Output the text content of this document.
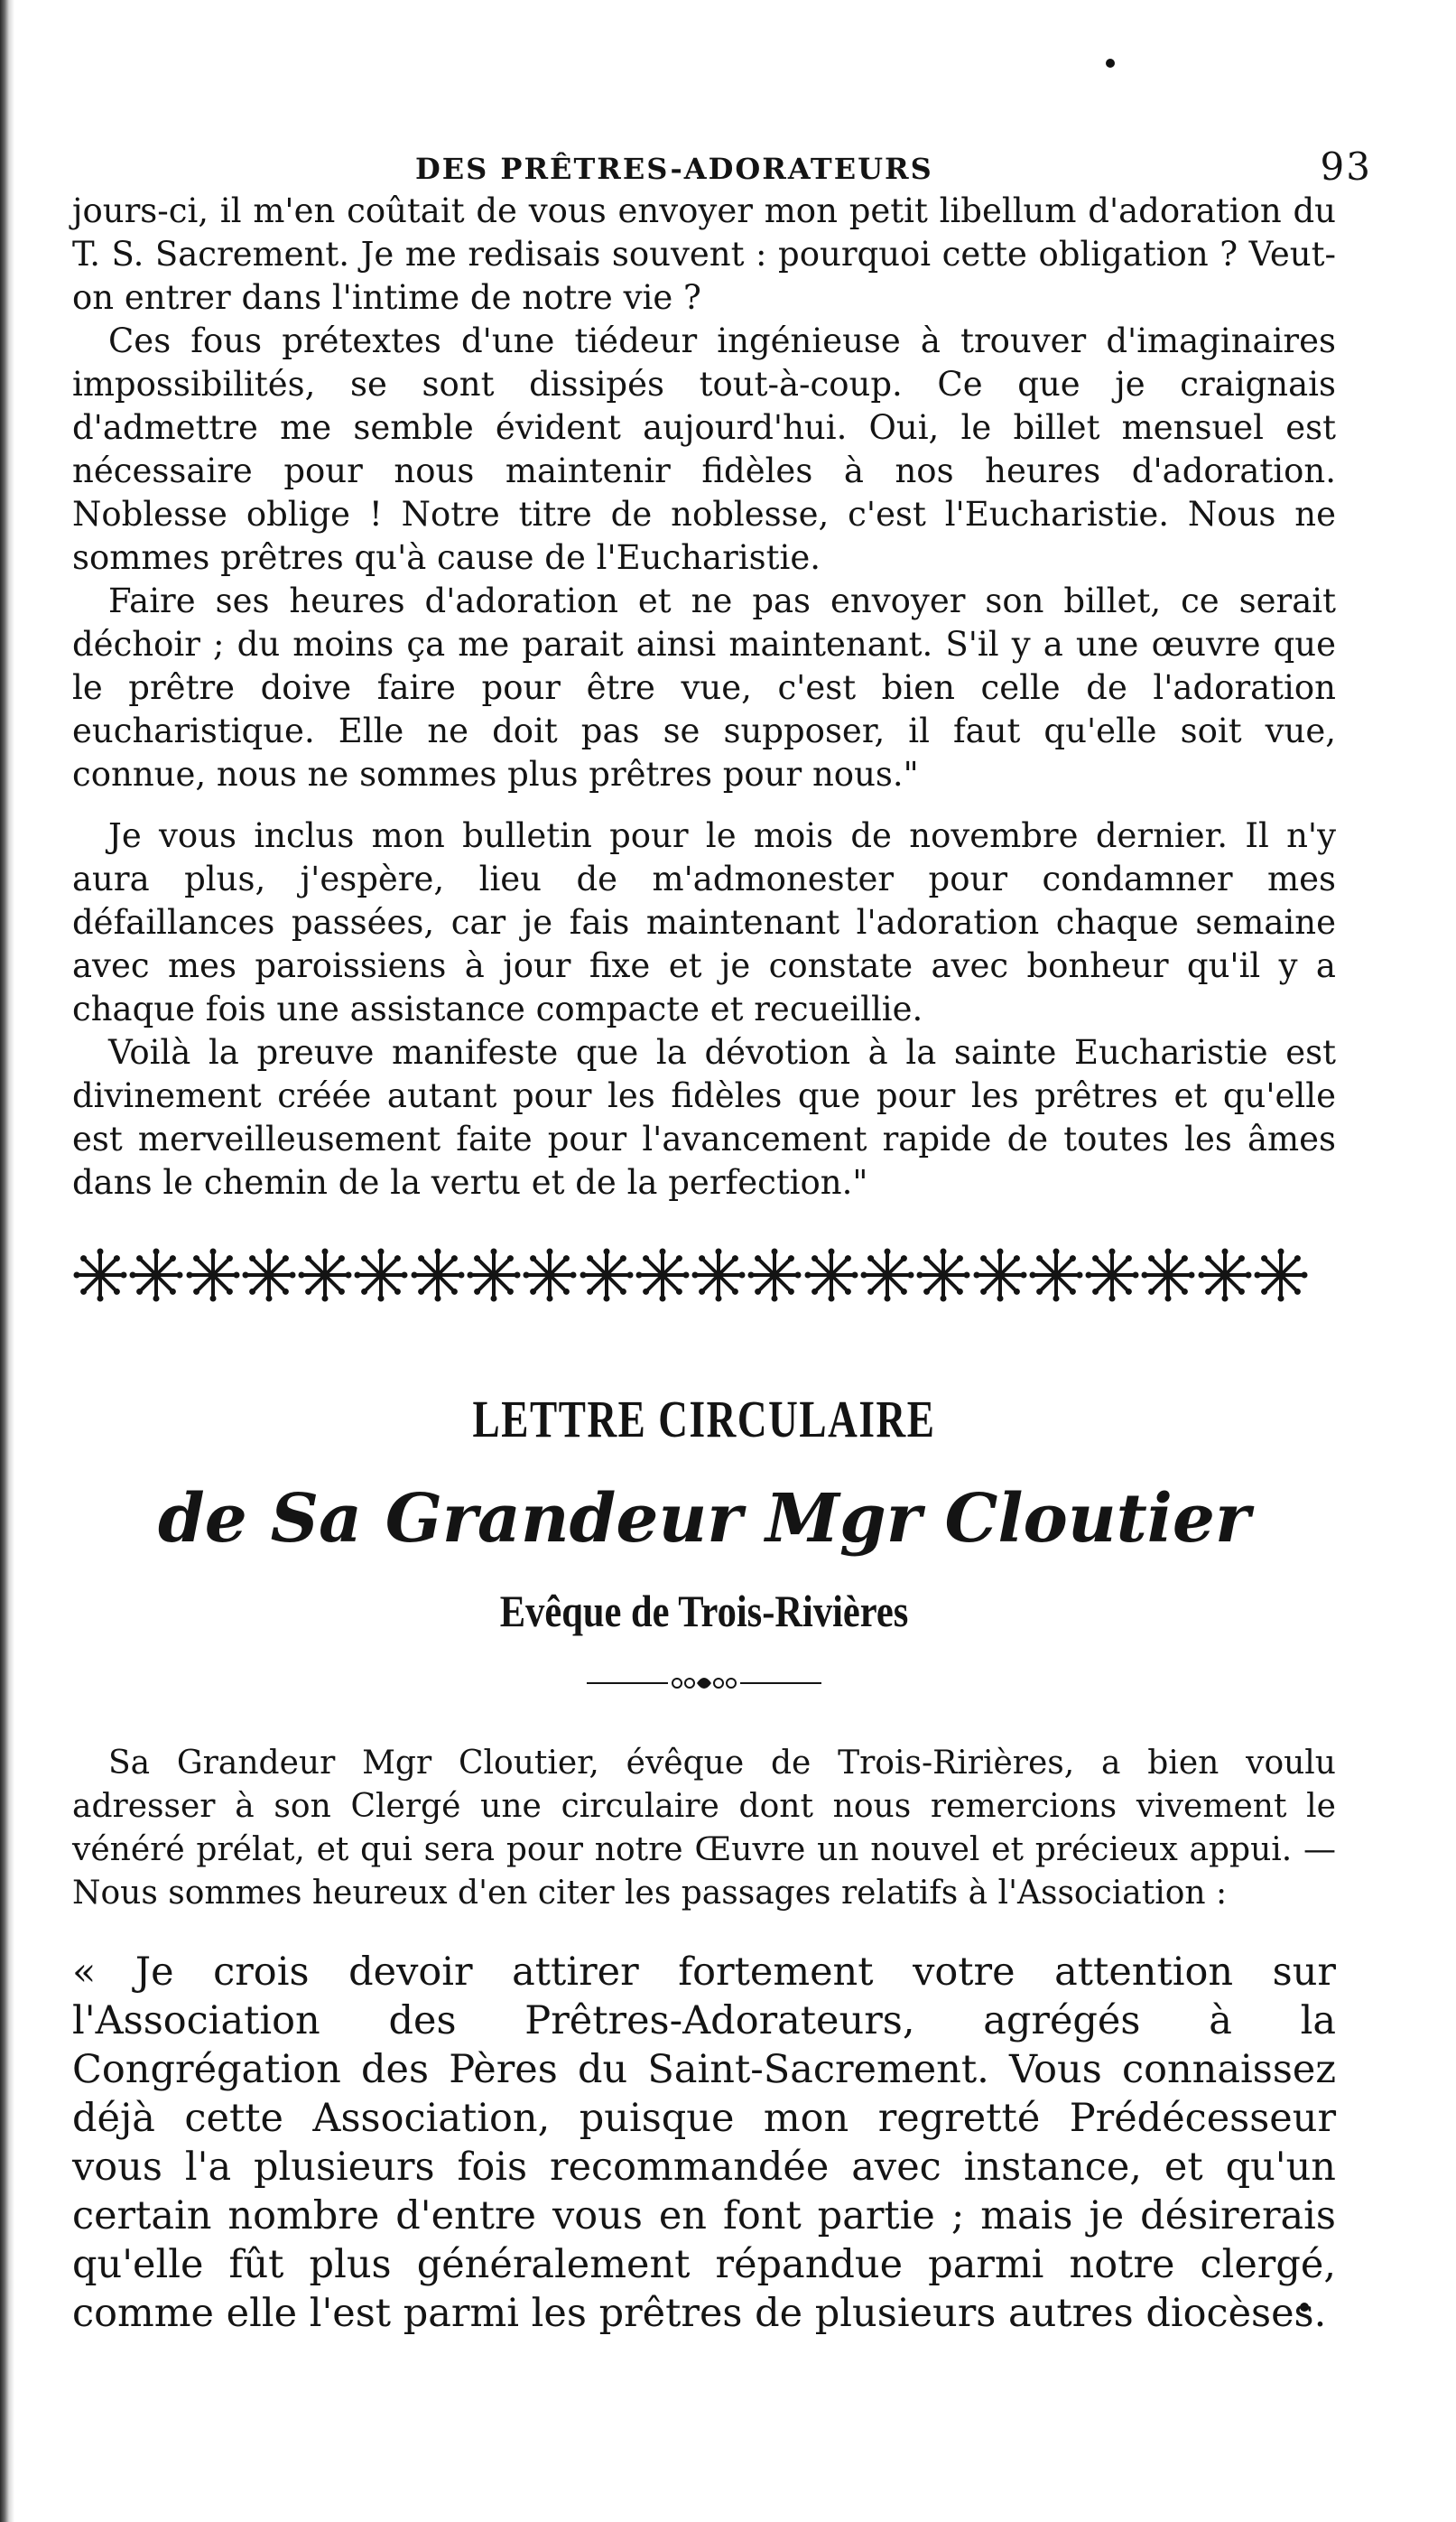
DES PRÊTRES-ADORATEURS	93

jours-ci, il m'en coûtait de vous envoyer mon petit libellum d'adoration du T. S. Sacrement. Je me redisais souvent : pourquoi cette obligation ? Veut-on entrer dans l'intime de notre vie ?

Ces fous prétextes d'une tiédeur ingénieuse à trouver d'imaginaires impossibilités, se sont dissipés tout-à-coup. Ce que je craignais d'admettre me semble évident aujourd'hui. Oui, le billet mensuel est nécessaire pour nous maintenir fidèles à nos heures d'adoration. Noblesse oblige ! Notre titre de noblesse, c'est l'Eucharistie. Nous ne sommes prêtres qu'à cause de l'Eucharistie.

Faire ses heures d'adoration et ne pas envoyer son billet, ce serait déchoir ; du moins ça me parait ainsi maintenant. S'il y a une œuvre que le prêtre doive faire pour être vue, c'est bien celle de l'adoration eucharistique. Elle ne doit pas se supposer, il faut qu'elle soit vue, connue, nous ne sommes plus prêtres pour nous."

Je vous inclus mon bulletin pour le mois de novembre dernier. Il n'y aura plus, j'espère, lieu de m'admonester pour condamner mes défaillances passées, car je fais maintenant l'adoration chaque semaine avec mes paroissiens à jour fixe et je constate avec bonheur qu'il y a chaque fois une assistance compacte et recueillie.

Voilà la preuve manifeste que la dévotion à la sainte Eucharistie est divinement créée autant pour les fidèles que pour les prêtres et qu'elle est merveilleusement faite pour l'avancement rapide de toutes les âmes dans le chemin de la vertu et de la perfection."

LETTRE CIRCULAIRE
de Sa Grandeur Mgr Cloutier
Evêque de Trois-Rivières

Sa Grandeur Mgr Cloutier, évêque de Trois-Ririères, a bien voulu adresser à son Clergé une circulaire dont nous remercions vivement le vénéré prélat, et qui sera pour notre Œuvre un nouvel et précieux appui. — Nous sommes heureux d'en citer les passages relatifs à l'Association :

« Je crois devoir attirer fortement votre attention sur l'Association des Prêtres-Adorateurs, agrégés à la Congrégation des Pères du Saint-Sacrement. Vous connaissez déjà cette Association, puisque mon regretté Prédécesseur vous l'a plusieurs fois recommandée avec instance, et qu'un certain nombre d'entre vous en font partie ; mais je désirerais qu'elle fût plus généralement répandue parmi notre clergé, comme elle l'est parmi les prêtres de plusieurs autres diocèses.
